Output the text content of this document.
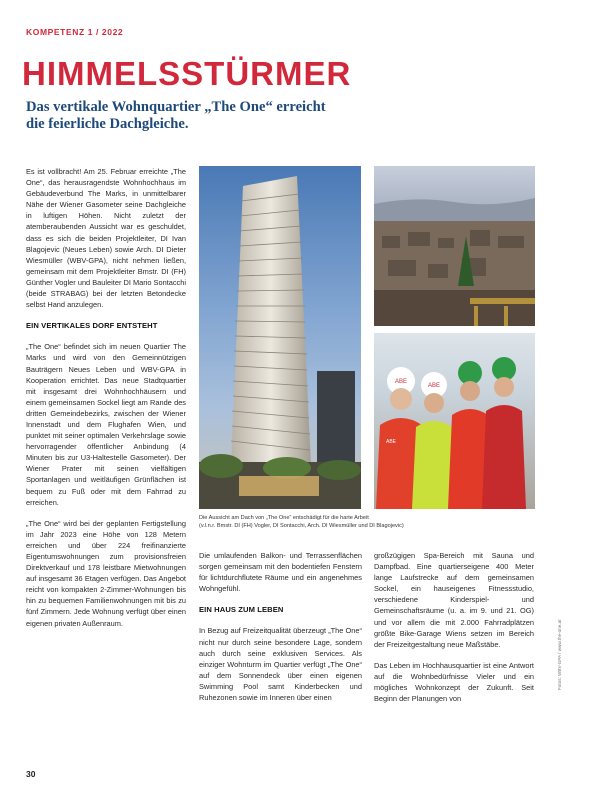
KOMPETENZ 1 / 2022
HIMMELSSTÜRMER
Das vertikale Wohnquartier „The One“ erreicht die feierliche Dachgleiche.

Es ist vollbracht! Am 25. Februar erreichte „The One“, das herausragendste Wohnhochhaus im Gebäudeverbund The Marks, in unmittelbarer Nähe der Wiener Gasometer seine Dachgleiche in luftigen Höhen. Nicht zuletzt der atemberaubenden Aussicht war es geschuldet, dass es sich die beiden Projektleiter, DI Ivan Blagojevic (Neues Leben) sowie Arch. DI Dieter Wiesmüller (WBV-GPA), nicht nehmen ließen, gemeinsam mit dem Projektleiter Bmstr. DI (FH) Günther Vogler und Bauleiter DI Mario Sontacchi (beide STRABAG) bei der letzten Betondecke selbst Hand anzulegen.

EIN VERTIKALES DORF ENTSTEHT

„The One“ befindet sich im neuen Quartier The Marks und wird von den Gemeinnützigen Bauträgern Neues Leben und WBV-GPA in Kooperation errichtet. Das neue Stadtquartier mit insgesamt drei Wohnhochhäusern und einem gemeinsamen Sockel liegt am Rande des dritten Gemeindebezirks, zwischen der Wiener Innenstadt und dem Flughafen Wien, und punktet mit seiner optimalen Verkehrslage sowie hervorragender öffentlicher Anbindung (4 Minuten bis zur U3-Haltestelle Gasometer). Der Wiener Prater mit seinen vielfältigen Sportanlagen und weitläufigen Grünflächen ist bequem zu Fuß oder mit dem Fahrrad zu erreichen.

„The One“ wird bei der geplanten Fertigstellung im Jahr 2023 eine Höhe von 128 Metern erreichen und über 224 freifinanzierte Eigentumswohnungen zum provisionsfreien Direktverkauf und 178 leistbare Mietwohnungen auf insgesamt 36 Etagen verfügen. Das Angebot reicht von kompakten 2-Zimmer-Wohnungen bis hin zu bequemen Familienwohnungen mit bis zu fünf Zimmern. Jede Wohnung verfügt über einen eigenen privaten Außenraum.

ABE
ABE
ABE
Die Aussicht am Dach von „The One“ entschädigt für die harte Arbeit
(v.l.n.r. Bmstr. DI (FH) Vogler, DI Sontacchi, Arch. DI Wiesmüller und DI Blagojevic)

Die umlaufenden Balkon- und Terrassenflächen sorgen gemeinsam mit den bodentiefen Fenstern für lichtdurchflutete Räume und ein angenehmes Wohngefühl.

EIN HAUS ZUM LEBEN

In Bezug auf Freizeitqualität überzeugt „The One“ nicht nur durch seine besondere Lage, sondern auch durch seine exklusiven Services. Als einziger Wohnturm im Quartier verfügt „The One“ auf dem Sonnendeck über einen eigenen Swimming Pool samt Kinderbecken und Ruhezonen sowie im Inneren über einen

großzügigen Spa-Bereich mit Sauna und Dampfbad. Eine quartierseigene 400 Meter lange Laufstrecke auf dem gemeinsamen Sockel, ein hauseigenes Fitnessstudio, verschiedene Kinderspiel- und Gemeinschaftsräume (u. a. im 9. und 21. OG) und vor allem die mit 2.000 Fahrradplätzen größte Bike-Garage Wiens setzen im Bereich der Freizeitgestaltung neue Maßstäbe.

Das Leben im Hochhausquartier ist eine Antwort auf die Wohnbedürfnisse Vieler und ein mögliches Wohnkonzept der Zukunft. Seit Beginn der Planungen von

30
Fotos: WBV-GPA / www.the-one.at
